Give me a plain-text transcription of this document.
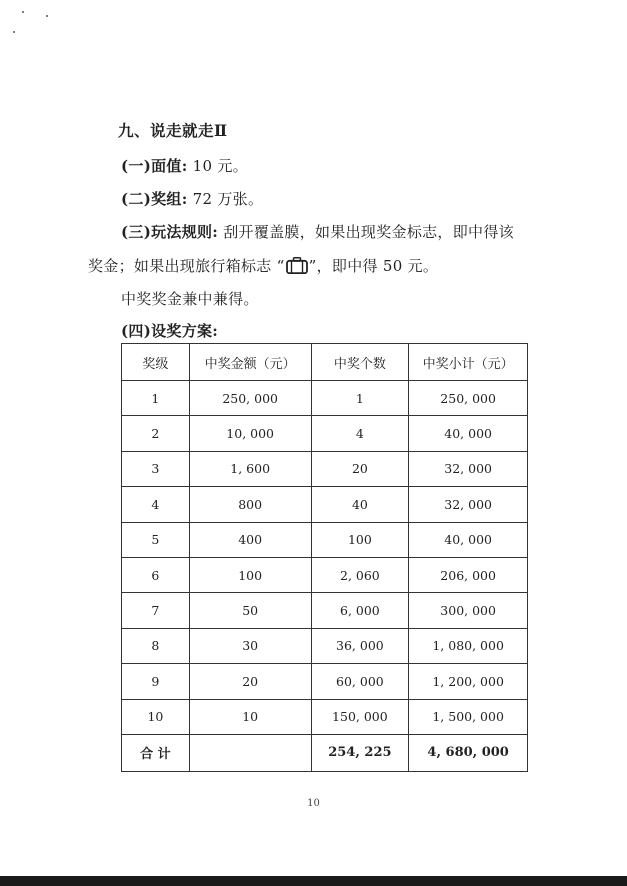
九、说走就走Ⅱ
(一)面值: 10 元。
(二)奖组: 72 万张。
(三)玩法规则: 刮开覆盖膜，如果出现奖金标志，即中得该
奖金；如果出现旅行箱标志 “ ”，即中得 50 元。
中奖奖金兼中兼得。
(四)设奖方案:
奖级	中奖金额（元）	中奖个数	中奖小计（元）
1	250, 000	1	250, 000
2	10, 000	4	40, 000
3	1, 600	20	32, 000
4	800	40	32, 000
5	400	100	40, 000
6	100	2, 060	206, 000
7	50	6, 000	300, 000
8	30	36, 000	1, 080, 000
9	20	60, 000	1, 200, 000
10	10	150, 000	1, 500, 000
合 计		254, 225	4, 680, 000
10
